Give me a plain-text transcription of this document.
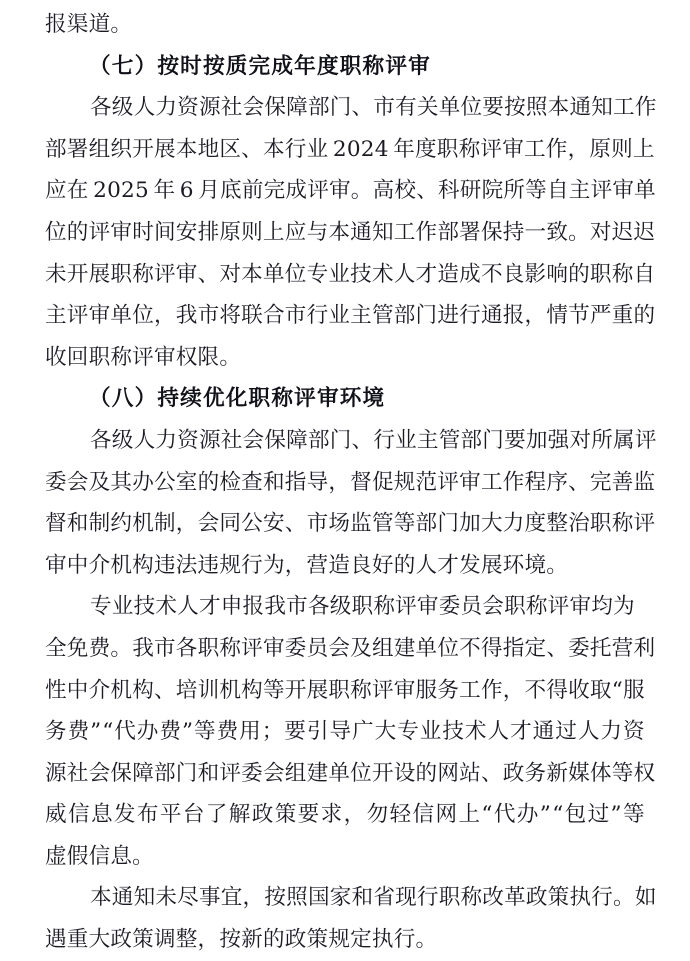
报渠道。
（七）按时按质完成年度职称评审
各级人力资源社会保障部门、市有关单位要按照本通知工作
部 署 组 织 开 展 本 地 区 、 本 行 业
  2 0 2 4
  年 度 职 称 评 审 工 作 ， 原 则 上
应 在
  2 0 2 5
  年
  6
  月 底 前 完 成 评 审 。 高 校 、 科 研 院 所 等 自 主 评 审 单
位 的 评 审 时 间 安 排 原 则 上 应 与 本 通 知 工 作 部 署 保 持 一 致 。 对 迟 迟
未 开 展 职 称 评 审 、 对 本 单 位 专 业 技 术 人 才 造 成 不 良 影 响 的 职 称 自
主 评 审 单 位 ， 我 市 将 联 合 市 行 业 主 管 部 门 进 行 通 报 ， 情 节 严 重 的
收回职称评审权限。
（八）持续优化职称评审环境
各级人力资源社会保障部门、行业主管部门要加强对所属评
委 会 及 其 办 公 室 的 检 查 和 指 导 ， 督 促 规 范 评 审 工 作 程 序 、 完 善 监
督 和 制 约 机 制 ， 会 同 公 安 、 市 场 监 管 等 部 门 加 大 力 度 整 治 职 称 评
审中介机构违法违规行为，营造良好的人才发展环境。
专业技术人才申报我市各级职称评审委员会职称评审均为
全 免 费 。 我 市 各 职 称 评 审 委 员 会 及 组 建 单 位 不 得 指 定 、 委 托 营 利
性 中 介 机 构 、 培 训 机 构 等 开 展 职 称 评 审 服 务 工 作 ， 不 得 收 取 “ 服
务 费 ” “ 代 办 费 ” 等 费 用 ； 要 引 导 广 大 专 业 技 术 人 才 通 过 人 力 资
源 社 会 保 障 部 门 和 评 委 会 组 建 单 位 开 设 的 网 站 、 政 务 新 媒 体 等 权
威 信 息 发 布 平 台 了 解 政 策 要 求 ， 勿 轻 信 网 上 “ 代 办 ” “ 包 过 ” 等
虚假信息。
本通知未尽事宜，按照国家和省现行职称改革政策执行。如
遇重大政策调整，按新的政策规定执行。
